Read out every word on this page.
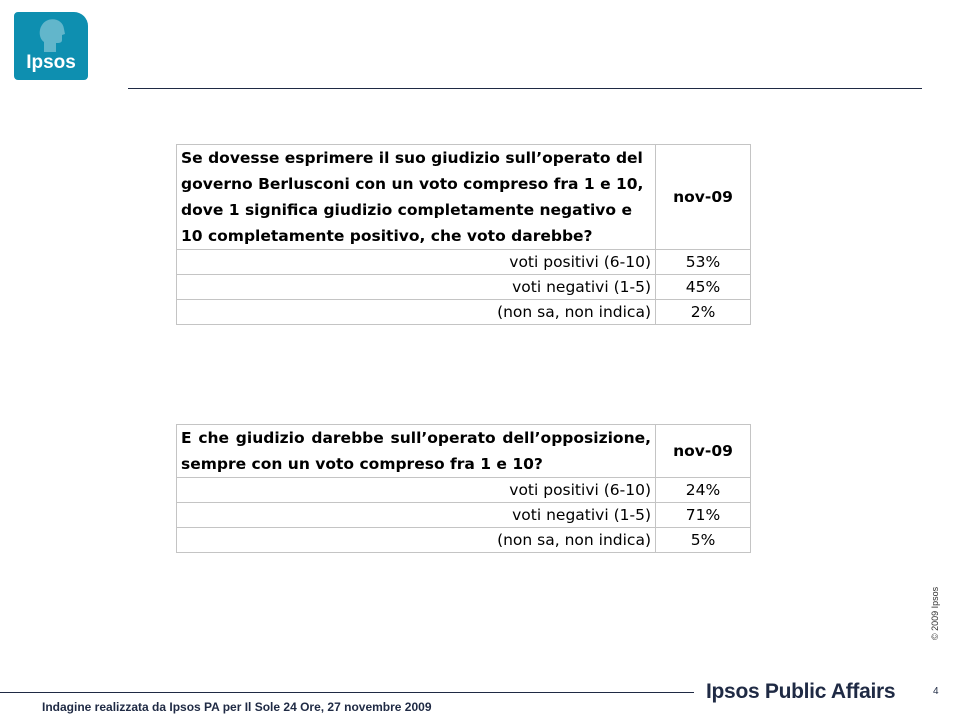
Ipsos
Se dovesse esprimere il suo giudizio sull’operato del governo Berlusconi con un voto compreso fra 1 e 10, dove 1 significa giudizio completamente negativo e 10 completamente positivo, che voto darebbe?	nov-09
voti positivi (6-10)	53%
voti negativi (1-5)	45%
(non sa, non indica)	2%
E che giudizio darebbe sull’operato dell’opposizione, sempre con un voto compreso fra 1 e 10?	nov-09
voti positivi (6-10)	24%
voti negativi (1-5)	71%
(non sa, non indica)	5%
© 2009 Ipsos
Indagine realizzata da Ipsos PA per Il Sole 24 Ore, 27 novembre 2009
Ipsos Public Affairs	4
